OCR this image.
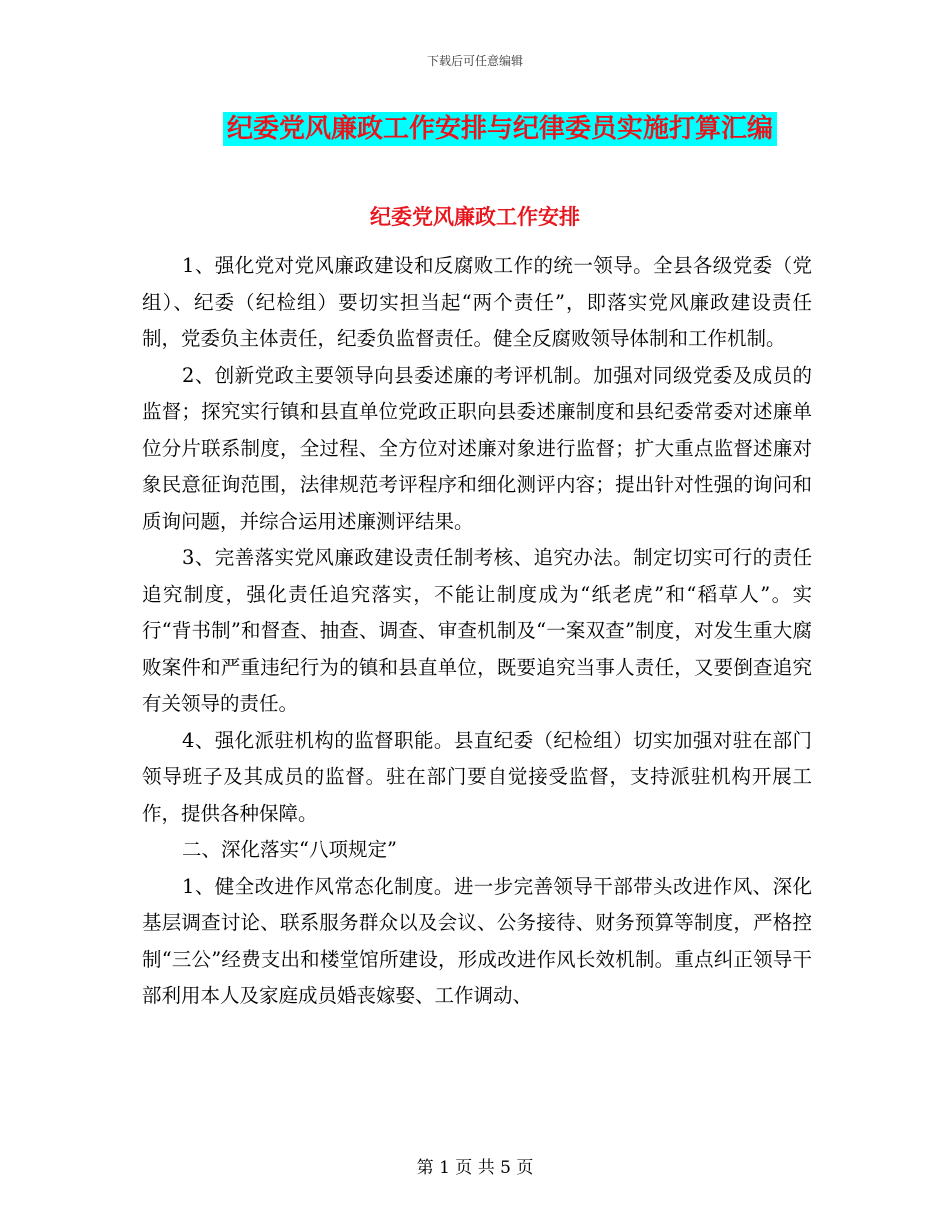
下载后可任意编辑
纪委党风廉政工作安排与纪律委员实施打算汇编
纪委党风廉政工作安排

1、强化党对党风廉政建设和反腐败工作的统一领导。全县各级党委（党组）、纪委（纪检组）要切实担当起“两个责任”，即落实党风廉政建设责任制，党委负主体责任，纪委负监督责任。健全反腐败领导体制和工作机制。

2、创新党政主要领导向县委述廉的考评机制。加强对同级党委及成员的监督；探究实行镇和县直单位党政正职向县委述廉制度和县纪委常委对述廉单位分片联系制度，全过程、全方位对述廉对象进行监督；扩大重点监督述廉对象民意征询范围，法律规范考评程序和细化测评内容；提出针对性强的询问和质询问题，并综合运用述廉测评结果。

3、完善落实党风廉政建设责任制考核、追究办法。制定切实可行的责任追究制度，强化责任追究落实，不能让制度成为“纸老虎”和“稻草人”。实行“背书制”和督查、抽查、调查、审查机制及“一案双查”制度，对发生重大腐败案件和严重违纪行为的镇和县直单位，既要追究当事人责任，又要倒查追究有关领导的责任。

4、强化派驻机构的监督职能。县直纪委（纪检组）切实加强对驻在部门领导班子及其成员的监督。驻在部门要自觉接受监督，支持派驻机构开展工作，提供各种保障。

二、深化落实“八项规定”

1、健全改进作风常态化制度。进一步完善领导干部带头改进作风、深化基层调查讨论、联系服务群众以及会议、公务接待、财务预算等制度，严格控制“三公”经费支出和楼堂馆所建设，形成改进作风长效机制。重点纠正领导干部利用本人及家庭成员婚丧嫁娶、工作调动、

第 1 页 共 5 页
